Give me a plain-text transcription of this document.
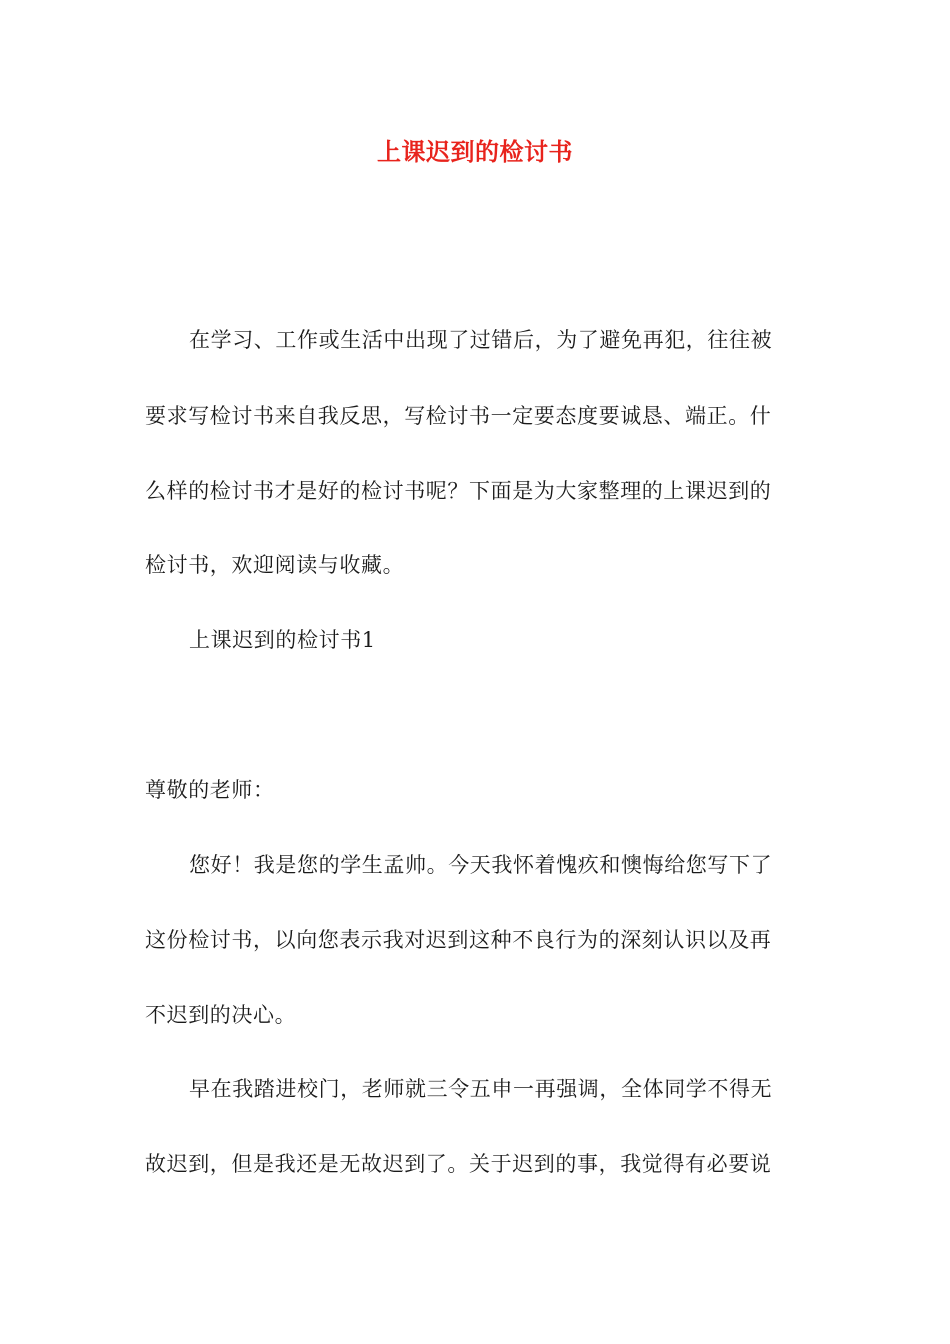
上课迟到的检讨书
在学习、工作或生活中出现了过错后，为了避免再犯，往往被
要求写检讨书来自我反思，写检讨书一定要态度要诚恳、端正。什
么样的检讨书才是好的检讨书呢？下面是为大家整理的上课迟到的
检讨书，欢迎阅读与收藏。
上课迟到的检讨书1
尊敬的老师：
您好！我是您的学生孟帅。今天我怀着愧疚和懊悔给您写下了
这份检讨书，以向您表示我对迟到这种不良行为的深刻认识以及再
不迟到的决心。
早在我踏进校门，老师就三令五申一再强调，全体同学不得无
故迟到，但是我还是无故迟到了。关于迟到的事，我觉得有必要说
